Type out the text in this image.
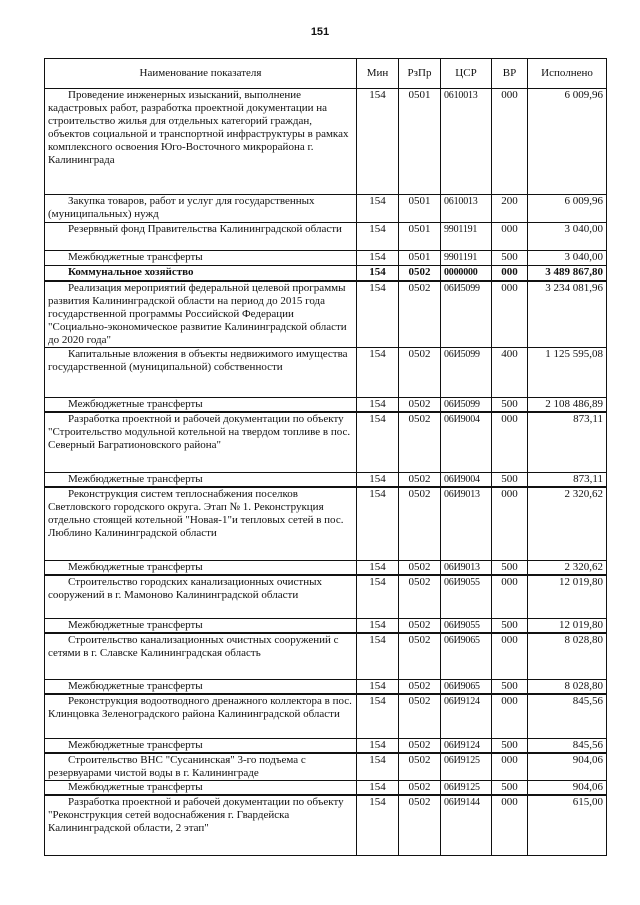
151
Наименование показателя	Мин	РзПр	ЦСР	ВР	Исполнено
Проведение инженерных изысканий, выполнение кадастровых работ, разработка проектной документации на строительство жилья для отдельных категорий граждан, объектов социальной и транспортной инфраструктуры в рамках комплексного освоения Юго-Восточного микрорайона г. Калининграда	154	0501	0610013	000	6 009,96
Закупка товаров, работ и услуг для государственных (муниципальных) нужд	154	0501	0610013	200	6 009,96
Резервный фонд Правительства Калининградской области	154	0501	9901191	000	3 040,00
Межбюджетные трансферты	154	0501	9901191	500	3 040,00
Коммунальное хозяйство	154	0502	0000000	000	3 489 867,80
Реализация мероприятий федеральной целевой программы развития Калининградской области на период до 2015 года государственной программы Российской Федерации "Социально-экономическое развитие Калининградской области до 2020 года"	154	0502	06И5099	000	3 234 081,96
Капитальные вложения в объекты недвижимого имущества государственной (муниципальной) собственности	154	0502	06И5099	400	1 125 595,08
Межбюджетные трансферты	154	0502	06И5099	500	2 108 486,89
Разработка проектной и рабочей документации по объекту "Строительство модульной котельной на твердом топливе в пос. Северный Багратионовского района"	154	0502	06И9004	000	873,11
Межбюджетные трансферты	154	0502	06И9004	500	873,11
Реконструкция систем теплоснабжения поселков Светловского городского округа. Этап № 1. Реконструкция отдельно стоящей котельной "Новая-1"и тепловых сетей в пос. Люблино Калининградской области	154	0502	06И9013	000	2 320,62
Межбюджетные трансферты	154	0502	06И9013	500	2 320,62
Строительство городских канализационных очистных сооружений в г. Мамоново Калининградской области	154	0502	06И9055	000	12 019,80
Межбюджетные трансферты	154	0502	06И9055	500	12 019,80
Строительство канализационных очистных сооружений с сетями в г. Славске Калининградская область	154	0502	06И9065	000	8 028,80
Межбюджетные трансферты	154	0502	06И9065	500	8 028,80
Реконструкция водоотводного дренажного коллектора в пос. Клинцовка Зеленоградского района Калининградской области	154	0502	06И9124	000	845,56
Межбюджетные трансферты	154	0502	06И9124	500	845,56
Строительство ВНС "Сусанинская" 3-го подъема с резервуарами чистой воды в г. Калининграде	154	0502	06И9125	000	904,06
Межбюджетные трансферты	154	0502	06И9125	500	904,06
Разработка проектной и рабочей документации по объекту "Реконструкция сетей водоснабжения г. Гвардейска Калининградской области, 2 этап"	154	0502	06И9144	000	615,00
